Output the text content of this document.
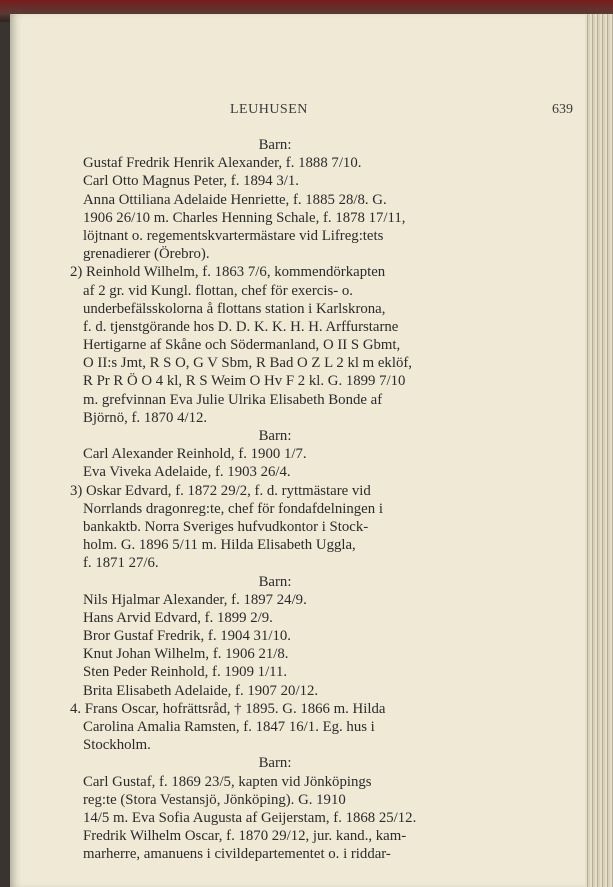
LEUHUSEN	639
Barn:
Gustaf Fredrik Henrik Alexander, f. 1888 7/10.
Carl Otto Magnus Peter, f. 1894 3/1.
Anna Ottiliana Adelaide Henriette, f. 1885 28/8. G.
1906 26/10 m. Charles Henning Schale, f. 1878 17/11,
löjtnant o. regementskvartermästare vid Lifreg:tets
grenadierer (Örebro).
2) Reinhold Wilhelm, f. 1863 7/6, kommendörkapten
af 2 gr. vid Kungl. flottan, chef för exercis- o.
underbefälsskolorna å flottans station i Karlskrona,
f. d. tjenstgörande hos D. D. K. K. H. H. Arffurstarne
Hertigarne af Skåne och Södermanland, O II S Gbmt,
O II:s Jmt, R S O, G V Sbm, R Bad O Z L 2 kl m eklöf,
R Pr R Ö O 4 kl, R S Weim O Hv F 2 kl. G. 1899 7/10
m. grefvinnan Eva Julie Ulrika Elisabeth Bonde af
Björnö, f. 1870 4/12.
Barn:
Carl Alexander Reinhold, f. 1900 1/7.
Eva Viveka Adelaide, f. 1903 26/4.
3) Oskar Edvard, f. 1872 29/2, f. d. ryttmästare vid
Norrlands dragonreg:te, chef för fondafdelningen i
bankaktb. Norra Sveriges hufvudkontor i Stock-
holm. G. 1896 5/11 m. Hilda Elisabeth Uggla,
f. 1871 27/6.
Barn:
Nils Hjalmar Alexander, f. 1897 24/9.
Hans Arvid Edvard, f. 1899 2/9.
Bror Gustaf Fredrik, f. 1904 31/10.
Knut Johan Wilhelm, f. 1906 21/8.
Sten Peder Reinhold, f. 1909 1/11.
Brita Elisabeth Adelaide, f. 1907 20/12.
4. Frans Oscar, hofrättsråd, † 1895. G. 1866 m. Hilda
Carolina Amalia Ramsten, f. 1847 16/1. Eg. hus i
Stockholm.
Barn:
Carl Gustaf, f. 1869 23/5, kapten vid Jönköpings
reg:te (Stora Vestansjö, Jönköping). G. 1910
14/5 m. Eva Sofia Augusta af Geijerstam, f. 1868 25/12.
Fredrik Wilhelm Oscar, f. 1870 29/12, jur. kand., kam-
marherre, amanuens i civildepartementet o. i riddar-
